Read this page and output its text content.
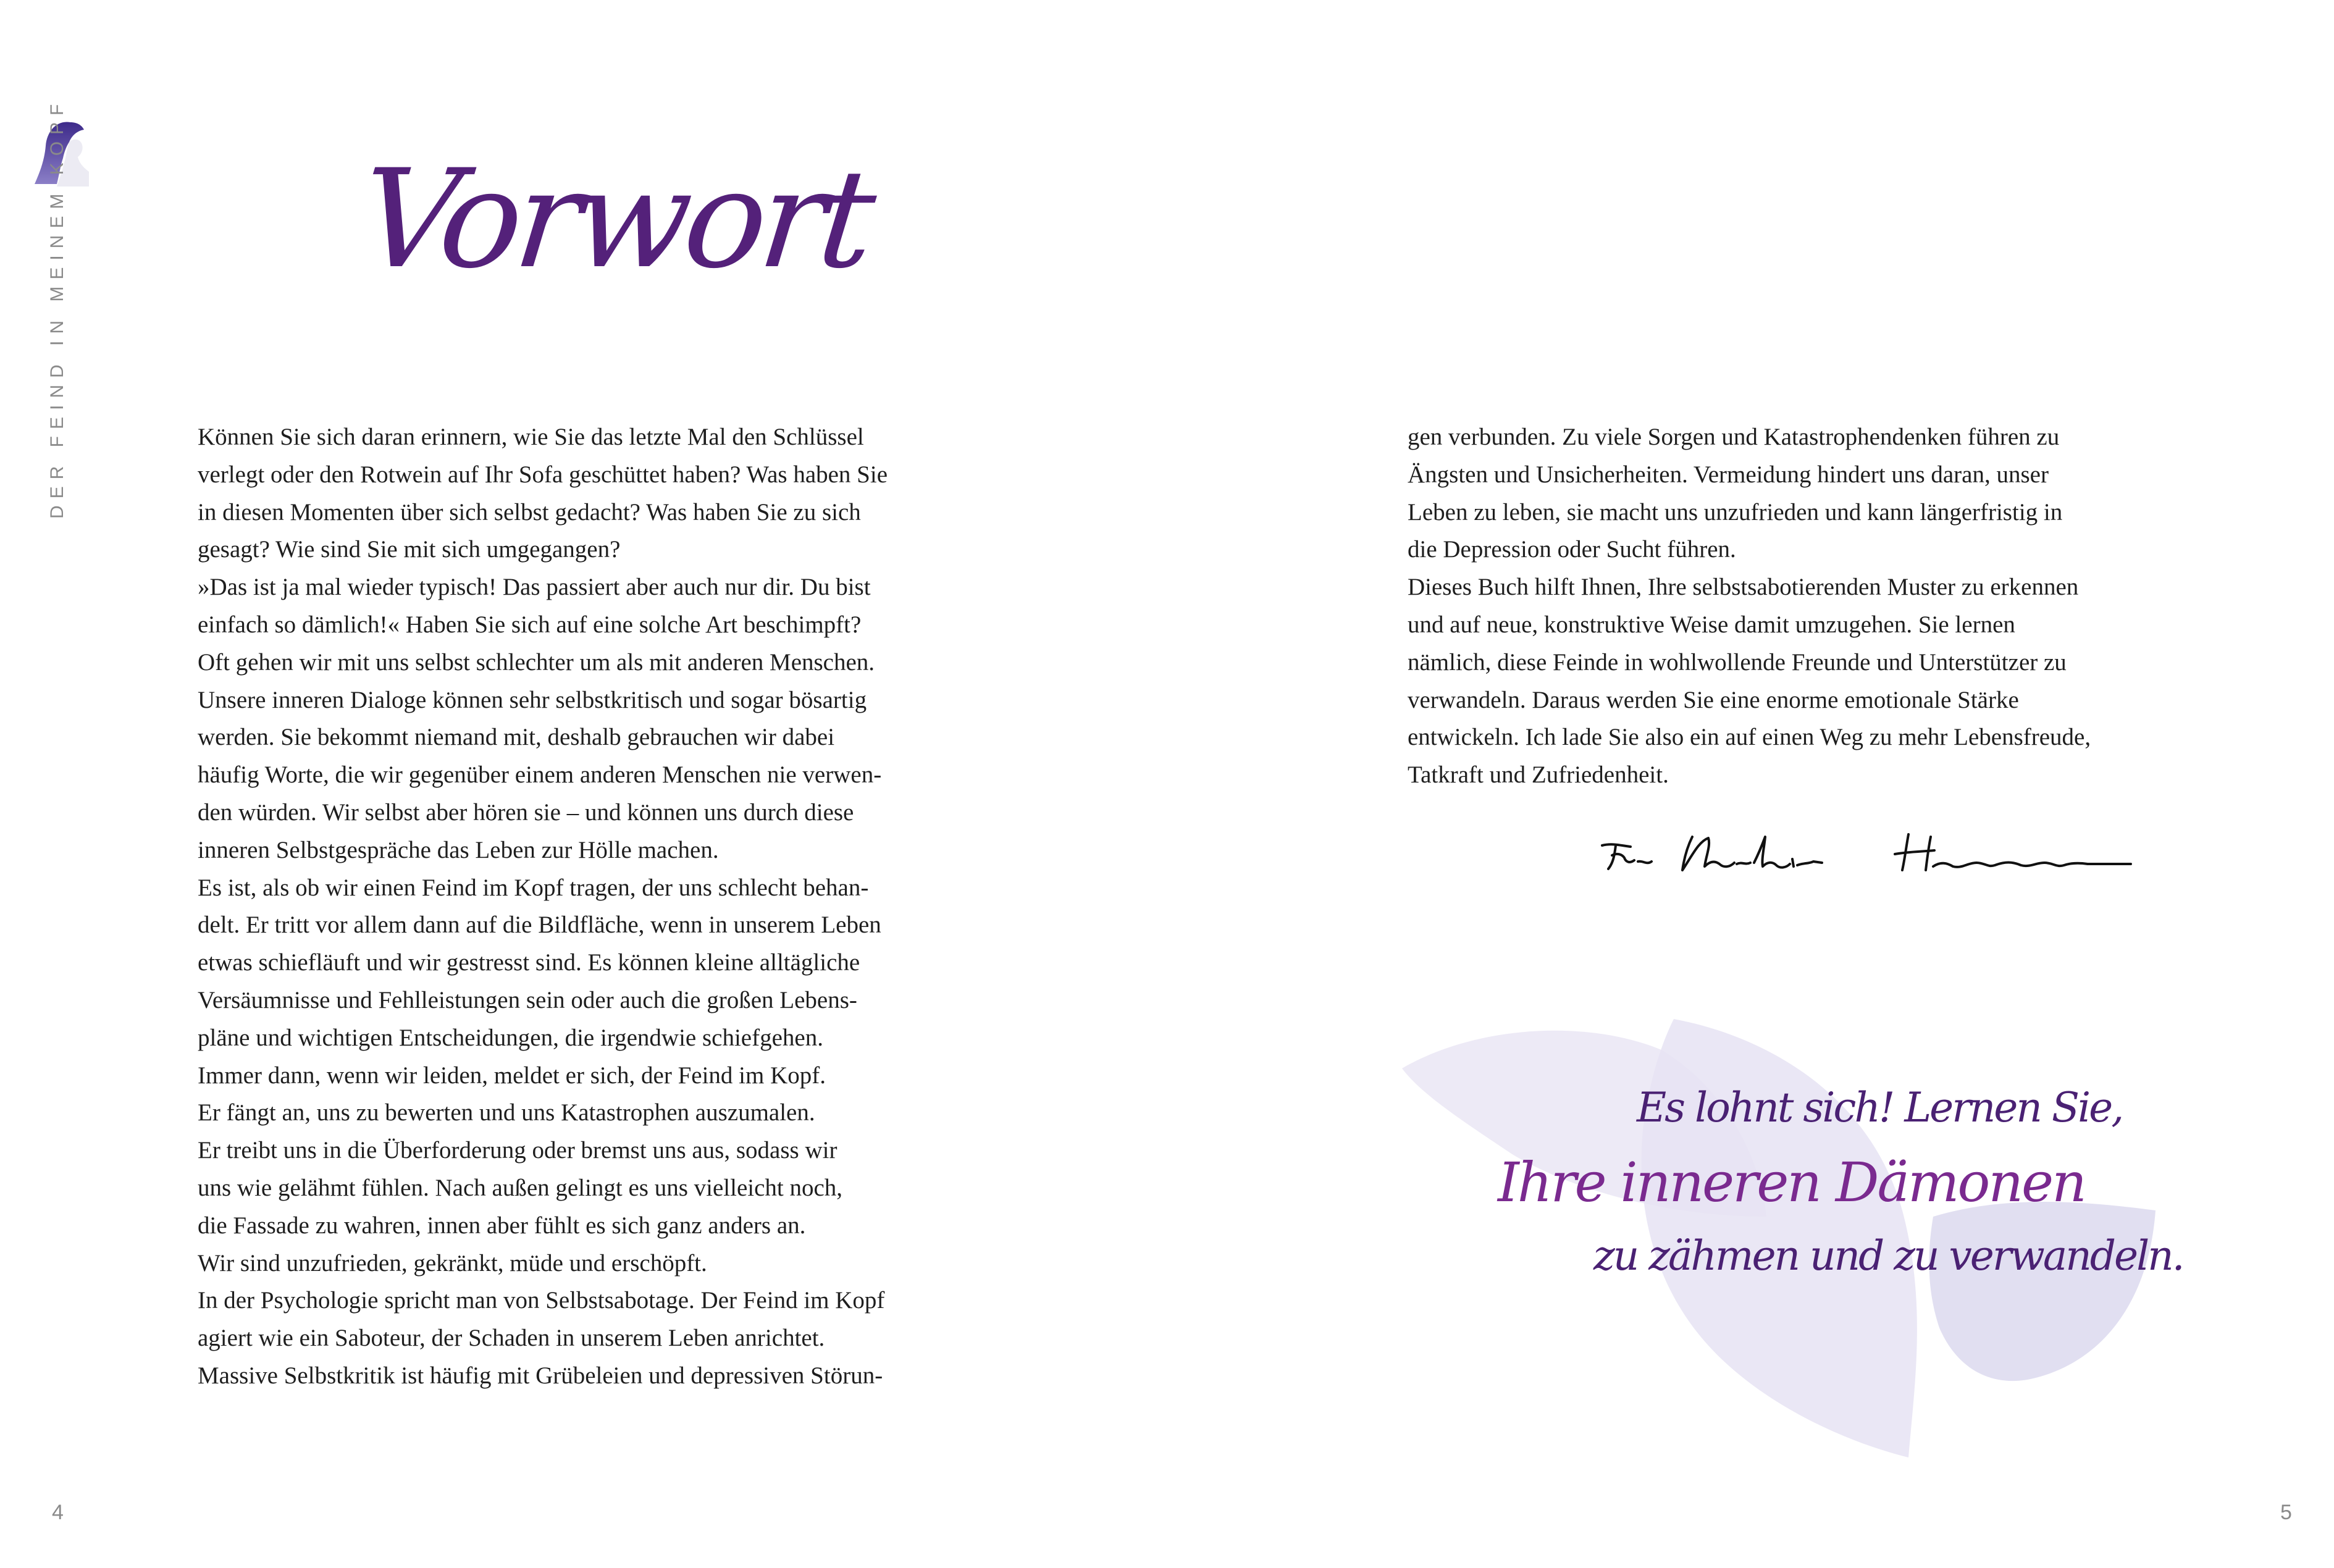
DER FEIND IN MEINEM KOPF Vorwort
Können Sie sich daran erinnern, wie Sie das letzte Mal den Schlüssel
verlegt oder den Rotwein auf Ihr Sofa geschüttet haben? Was haben Sie
in diesen Momenten über sich selbst gedacht? Was haben Sie zu sich
gesagt? Wie sind Sie mit sich umgegangen?
»Das ist ja mal wieder typisch! Das passiert aber auch nur dir. Du bist
einfach so dämlich!« Haben Sie sich auf eine solche Art beschimpft?
Oft gehen wir mit uns selbst schlechter um als mit anderen Menschen.
Unsere inneren Dialoge können sehr selbstkritisch und sogar bösartig
werden. Sie bekommt niemand mit, deshalb gebrauchen wir dabei
häufig Worte, die wir gegenüber einem anderen Menschen nie verwen-
den würden. Wir selbst aber hören sie – und können uns durch diese
inneren Selbstgespräche das Leben zur Hölle machen.
Es ist, als ob wir einen Feind im Kopf tragen, der uns schlecht behan-
delt. Er tritt vor allem dann auf die Bildfläche, wenn in unserem Leben
etwas schiefläuft und wir gestresst sind. Es können kleine alltägliche
Versäumnisse und Fehlleistungen sein oder auch die großen Lebens-
pläne und wichtigen Entscheidungen, die irgendwie schiefgehen.
Immer dann, wenn wir leiden, meldet er sich, der Feind im Kopf.
Er fängt an, uns zu bewerten und uns Katastrophen auszumalen.
Er treibt uns in die Überforderung oder bremst uns aus, sodass wir
uns wie gelähmt fühlen. Nach außen gelingt es uns vielleicht noch,
die Fassade zu wahren, innen aber fühlt es sich ganz anders an.
Wir sind unzufrieden, gekränkt, müde und erschöpft.
In der Psychologie spricht man von Selbstsabotage. Der Feind im Kopf
agiert wie ein Saboteur, der Schaden in unserem Leben anrichtet.
Massive Selbstkritik ist häufig mit Grübeleien und depressiven Störun-
4
gen verbunden. Zu viele Sorgen und Katastrophendenken führen zu
Ängsten und Unsicherheiten. Vermeidung hindert uns daran, unser
Leben zu leben, sie macht uns unzufrieden und kann längerfristig in
die Depression oder Sucht führen.
Dieses Buch hilft Ihnen, Ihre selbstsabotierenden Muster zu erkennen
und auf neue, konstruktive Weise damit umzugehen. Sie lernen
nämlich, diese Feinde in wohlwollende Freunde und Unterstützer zu
verwandeln. Daraus werden Sie eine enorme emotionale Stärke
entwickeln. Ich lade Sie also ein auf einen Weg zu mehr Lebensfreude,
Tatkraft und Zufriedenheit.
Es lohnt sich! Lernen Sie,
Ihre inneren Dämonen
zu zähmen und zu verwandeln.
5
